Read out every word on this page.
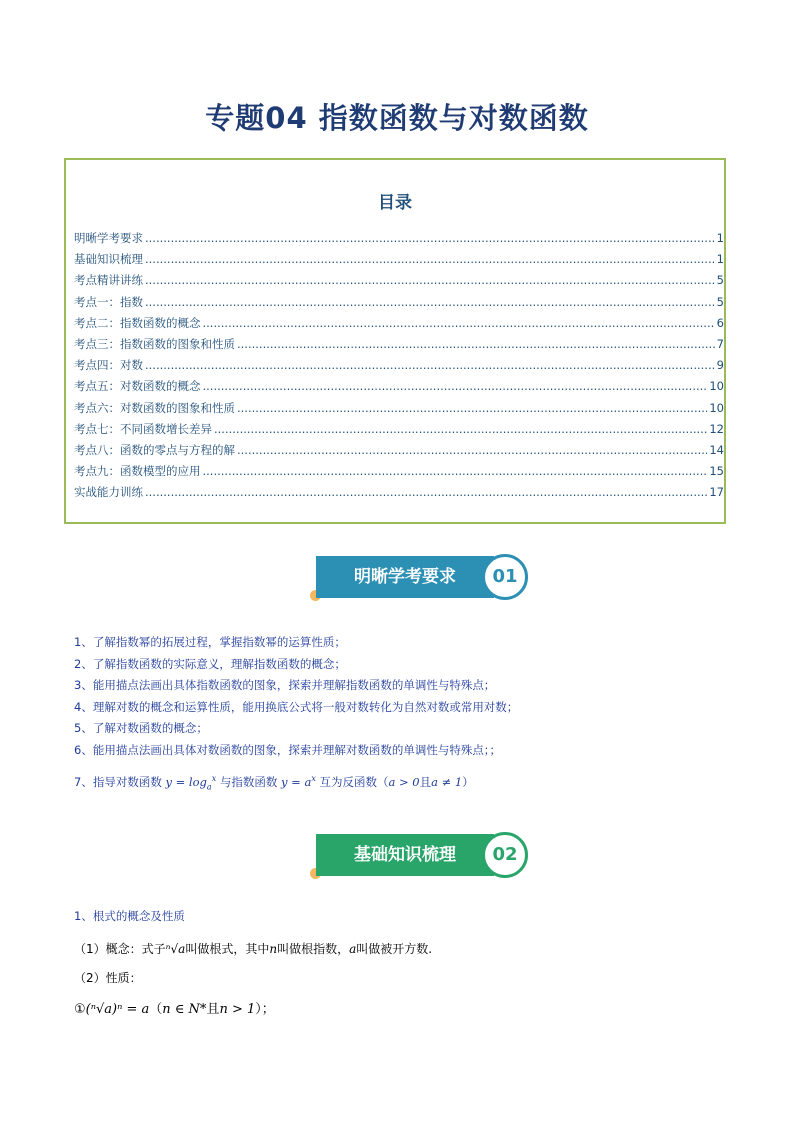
专题04 指数函数与对数函数
目录
明晰学考要求 .....	1
基础知识梳理 .....	1
考点精讲讲练 .....	5
考点一：指数 .....	5
考点二：指数函数的概念 .....	6
考点三：指数函数的图象和性质 .....	7
考点四：对数 .....	9
考点五：对数函数的概念 .....	10
考点六：对数函数的图象和性质 .....	10
考点七：不同函数增长差异 .....	12
考点八：函数的零点与方程的解 .....	14
考点九：函数模型的应用 .....	15
实战能力训练 .....	17
明晰学考要求	01
1、了解指数幂的拓展过程，掌握指数幂的运算性质；
2、了解指数函数的实际意义，理解指数函数的概念；
3、能用描点法画出具体指数函数的图象，探索并理解指数函数的单调性与特殊点；
4、理解对数的概念和运算性质，能用换底公式将一般对数转化为自然对数或常用对数；
5、了解对数函数的概念；
6、能用描点法画出具体对数函数的图象，探索并理解对数函数的单调性与特殊点；；
7、指导对数函数 $y = \log_a^x$ 与指数函数 $y = a^x$ 互为反函数（a > 0且a ≠ 1）
基础知识梳理	02
1、根式的概念及性质
（1）概念：式子ⁿ√a叫做根式，其中n叫做根指数，a叫做被开方数.
（2）性质：
①(ⁿ√a)ⁿ = a（n ∈ N*且n > 1）；
